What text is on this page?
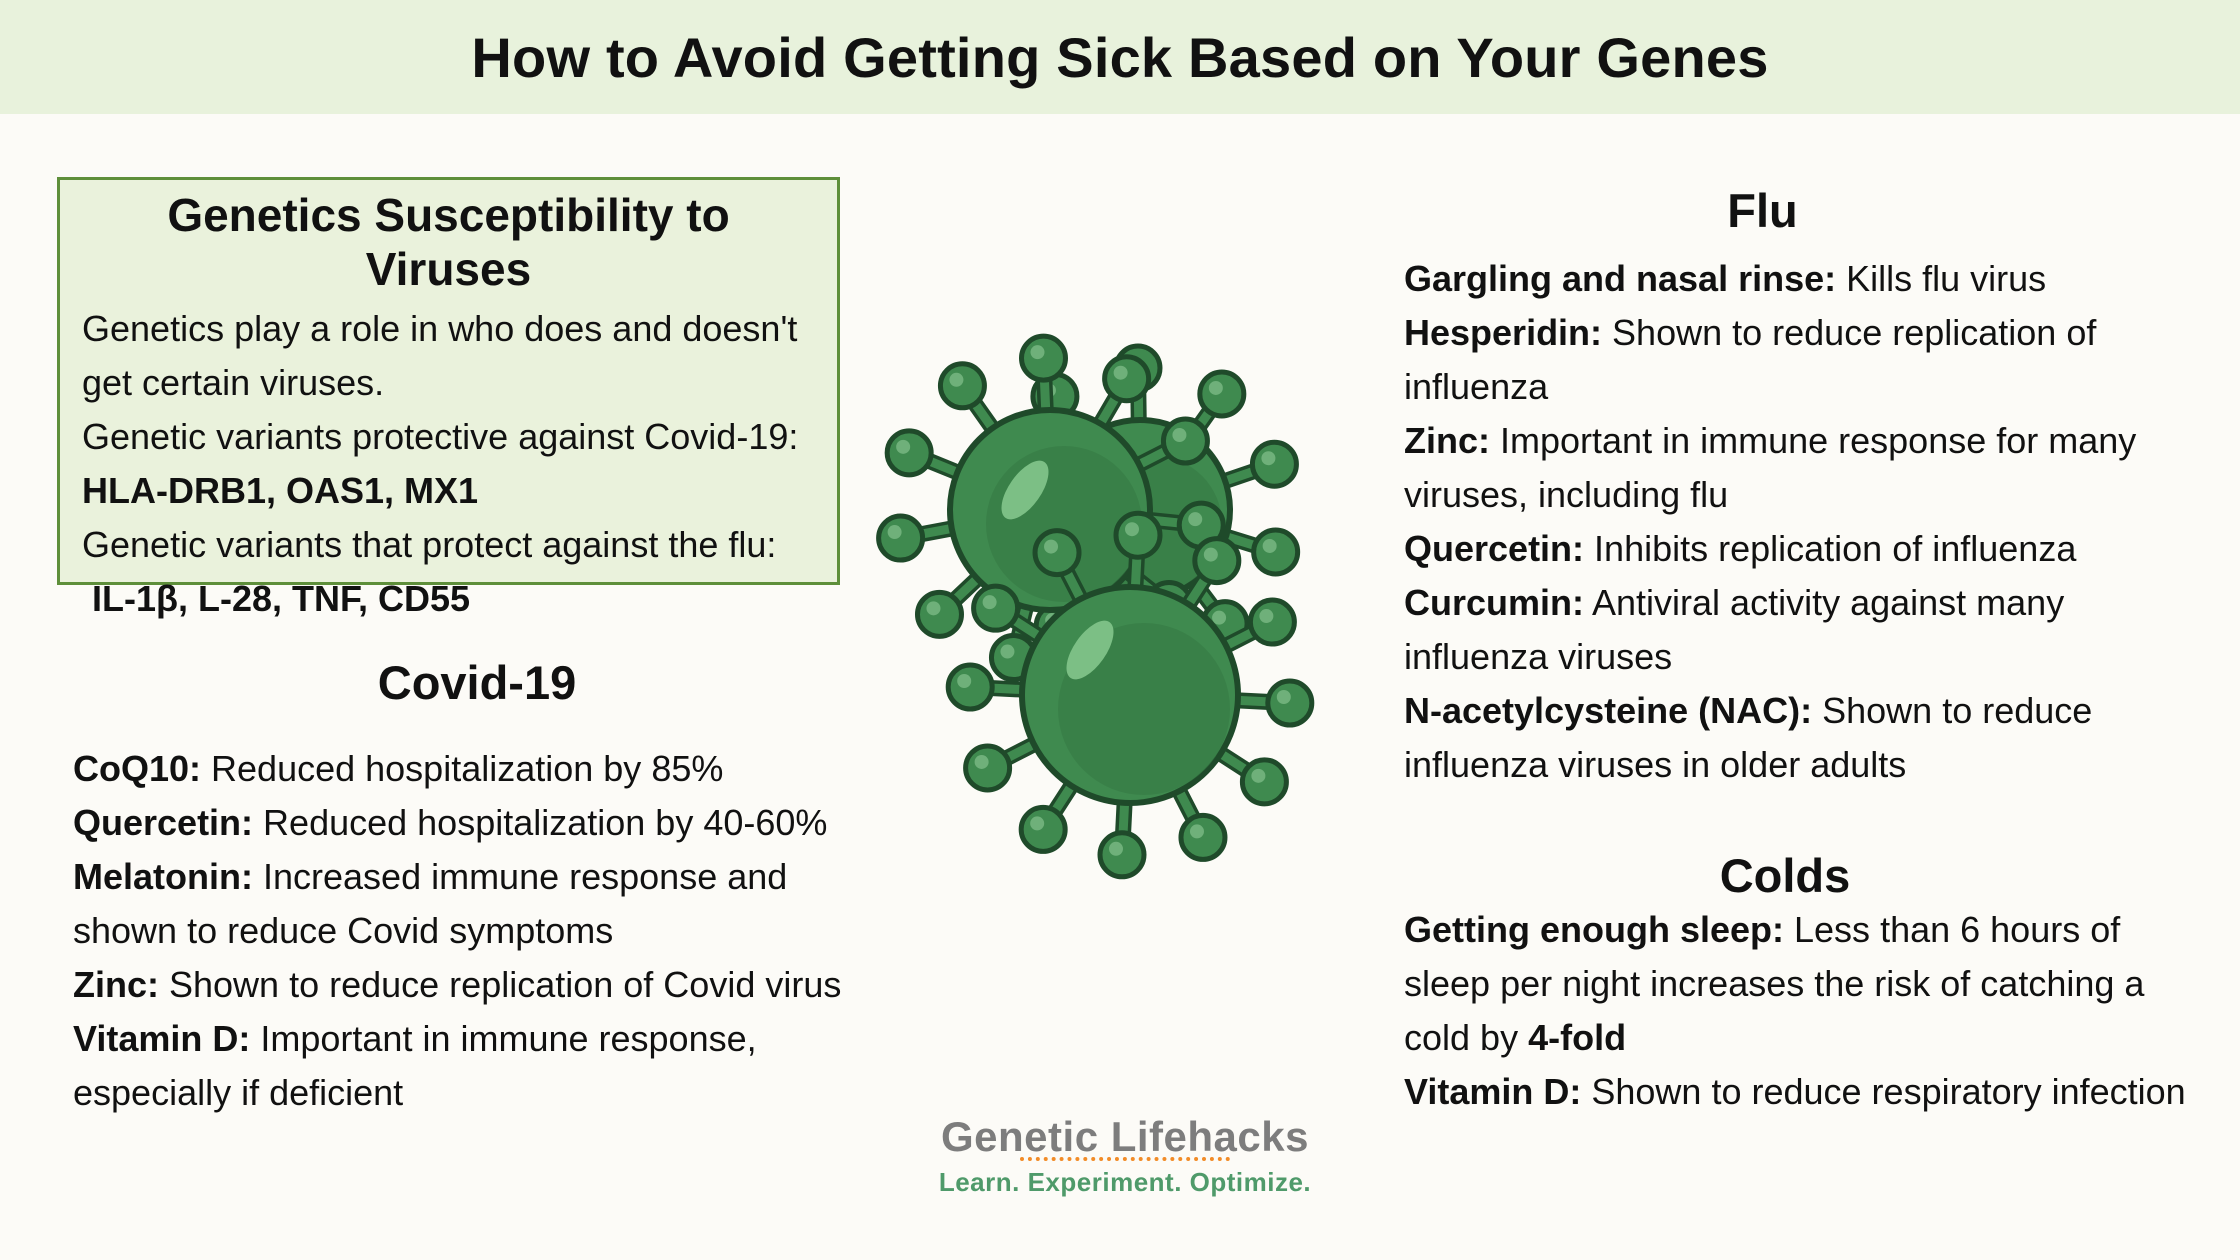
How to Avoid Getting Sick Based on Your Genes
Genetics Susceptibility to Viruses
Genetics play a role in who does and doesn't
get certain viruses.
Genetic variants protective against Covid-19:
HLA-DRB1, OAS1, MX1
Genetic variants that protect against the flu:
IL-1β, L-28, TNF, CD55
Covid-19
CoQ10: Reduced hospitalization by 85%
Quercetin: Reduced hospitalization by 40-60%
Melatonin: Increased immune response and
shown to reduce Covid symptoms
Zinc: Shown to reduce replication of Covid virus
Vitamin D: Important in immune response,
especially if deficient
Flu
Gargling and nasal rinse: Kills flu virus
Hesperidin: Shown to reduce replication of
influenza
Zinc: Important in immune response for many
viruses, including flu
Quercetin: Inhibits replication of influenza
Curcumin: Antiviral activity against many
influenza viruses
N-acetylcysteine (NAC): Shown to reduce
influenza viruses in older adults
Colds
Getting enough sleep: Less than 6 hours of
sleep per night increases the risk of catching a
cold by 4-fold
Vitamin D: Shown to reduce respiratory infection
Genetic Lifehacks
Learn. Experiment. Optimize.
